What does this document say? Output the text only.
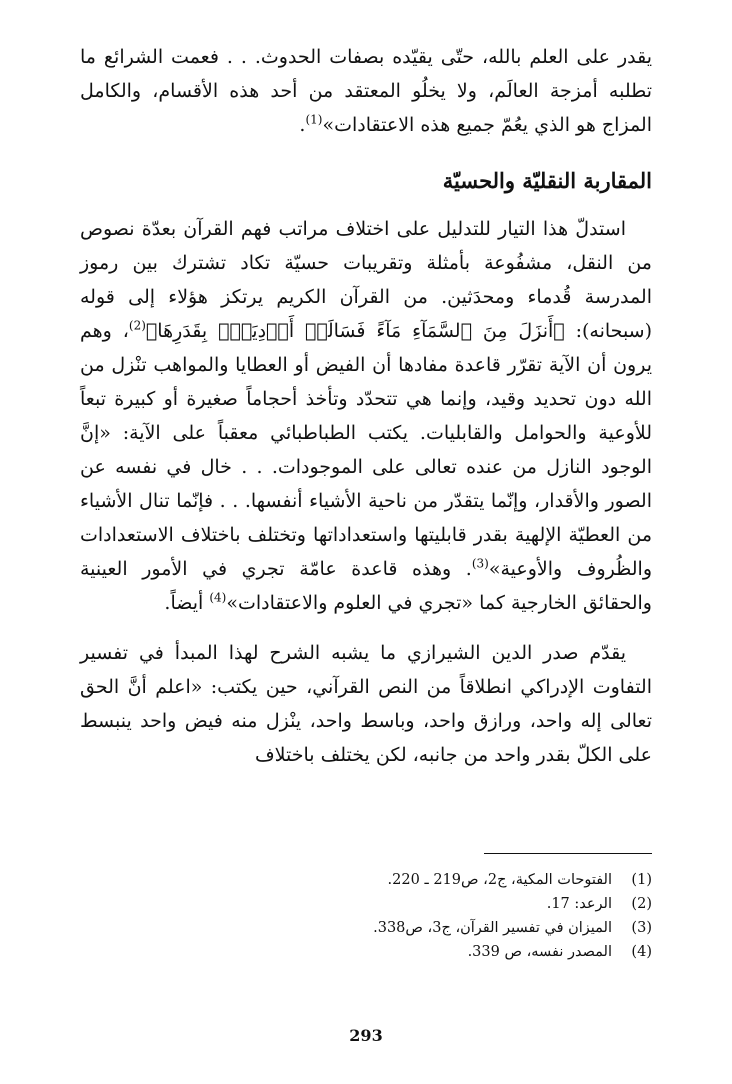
يقدر على العلم بالله، حتّى يقيّده بصفات الحدوث. . . فعمت الشرائع ما تطلبه أمزجة العالَم، ولا يخلُو المعتقد من أحد هذه الأقسام، والكامل المزاج هو الذي يعُمّ جميع هذه الاعتقادات»$^{(1)}$.

المقاربة النقليّة والحسيّة

استدلّ هذا التيار للتدليل على اختلاف مراتب فهم القرآن بعدّة نصوص من النقل، مشفُوعة بأمثلة وتقريبات حسيّة تكاد تشترك بين رموز المدرسة قُدماء ومحدَثين. من القرآن الكريم يرتكز هؤلاء إلى قوله (سبحانه): ﴿أَنزَلَ مِنَ ٱلسَّمَآءِ مَآءً فَسَالَتۡ أَوۡدِيَةُۢ بِقَدَرِهَا﴾$^{(2)}$، وهم يرون أن الآية تقرّر قاعدة مفادها أن الفيض أو العطايا والمواهب تنْزل من الله دون تحديد وقيد، وإنما هي تتحدّد وتأخذ أحجاماً صغيرة أو كبيرة تبعاً للأوعية والحوامل والقابليات. يكتب الطباطبائي معقباً على الآية: «إنَّ الوجود النازل من عنده تعالى على الموجودات. . . خال في نفسه عن الصور والأقدار، وإنّما يتقدّر من ناحية الأشياء أنفسها. . . فإنّما تنال الأشياء من العطيّة الإلهية بقدر قابليتها واستعداداتها وتختلف باختلاف الاستعدادات والظُروف والأوعية»$^{(3)}$. وهذه قاعدة عامّة تجري في الأمور العينية والحقائق الخارجية كما «تجري في العلوم والاعتقادات»$^{(4)}$ أيضاً.

يقدّم صدر الدين الشيرازي ما يشبه الشرح لهذا المبدأ في تفسير التفاوت الإدراكي انطلاقاً من النص القرآني، حين يكتب: «اعلم أنَّ الحق تعالى إله واحد، ورازق واحد، وباسط واحد، ينْزل منه فيض واحد ينبسط على الكلّ بقدر واحد من جانبه، لكن يختلف باختلاف

(1)
الفتوحات المكية، ج2، ص219 ـ 220.
(2)
الرعد: 17.
(3)
الميزان في تفسير القرآن، ج3، ص338.
(4)
المصدر نفسه، ص 339.
293
